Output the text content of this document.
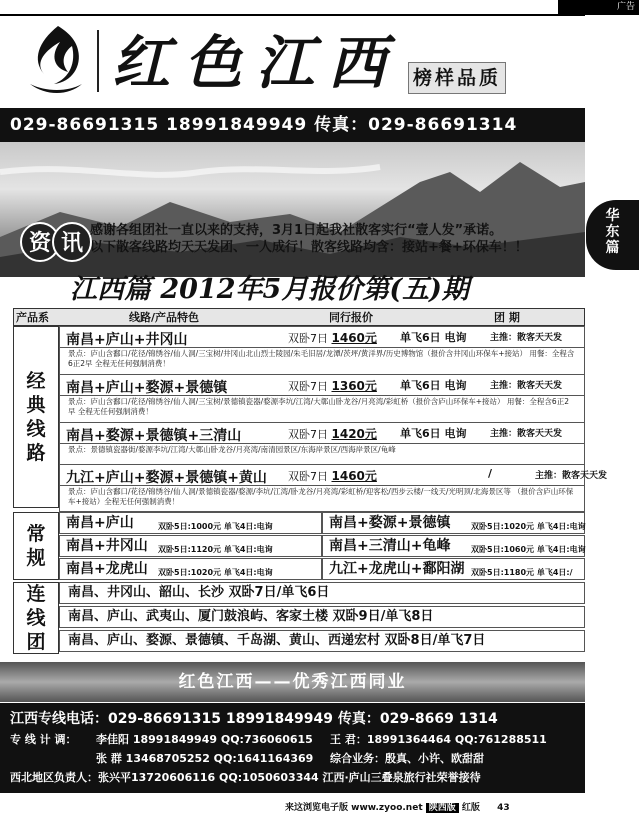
广告
红色江西 榜样品质
029-86691315 18991849949 传真：029-86691314
华东篇
资 讯
感谢各组团社一直以来的支持，3月1日起我社散客实行“壹人发”承诺。
以下散客线路均天天发团、一人成行！散客线路均含：接站+餐+环保车！！
江西篇 2012年5月报价第(五)期
产品系	线路/产品特色	同行报价	团 期
经典线路
南昌+庐山+井冈山	双卧7日 1460元 单飞6日 电询	主推：散客天天发
景点：庐山含鄱口/花径/锦绣谷/仙人洞/三宝树/井冈山北山烈士陵园/朱毛旧居/龙潭/茨坪/黄洋界/历史博物馆（报价含井冈山环保车+接站） 用餐：全程含6正2早 全程无任何强制消费！
南昌+庐山+婺源+景德镇	双卧7日 1360元 单飞6日 电询	主推：散客天天发
景点：庐山含鄱口/花径/锦绣谷/仙人洞/三宝树/景德镇瓷器/婺源李坑/江湾/大鄣山卧龙谷/月亮湾/彩虹桥（报价含庐山环保车+接站） 用餐：全程含6正2早 全程无任何强制消费！
南昌+婺源+景德镇+三清山	双卧7日 1420元 单飞6日 电询	主推：散客天天发
景点：景德镇瓷器街/婺源李坑/江湾/大鄣山卧龙谷/月亮湾/南清园景区/东海岸景区/西海岸景区/龟峰
九江+庐山+婺源+景德镇+黄山 双卧7日 1460元	/	主推：散客天天发
景点：庐山含鄱口/花径/锦绣谷/仙人洞/景德镇瓷器/婺源/李坑/江湾/卧龙谷/月亮湾/彩虹桥/迎客松/西步云楼/一线天/光明顶/北海景区等 （报价含庐山环保车+接站）全程无任何强制消费！
常规
南昌+庐山	双卧5日:1000元 单飞4日:电询	南昌+婺源+景德镇	双卧5日:1020元 单飞4日:电询
南昌+井冈山 双卧5日:1120元 单飞4日:电询	南昌+三清山+龟峰	双卧5日:1060元 单飞4日:电询
南昌+龙虎山 双卧5日:1020元 单飞4日:电询	九江+龙虎山+鄱阳湖 双卧5日:1180元 单飞4日:/
连线团
南昌、井冈山、韶山、长沙 双卧7日/单飞6日
南昌、庐山、武夷山、厦门鼓浪屿、客家土楼 双卧9日/单飞8日
南昌、庐山、婺源、景德镇、千岛湖、黄山、西递宏村 双卧8日/单飞7日
红色江西——优秀江西同业
江西专线电话：029-86691315 18991849949 传真：029-8669 1314
专 线 计 调： 李佳阳 18991849949 QQ:736060615 王 君：18991364464 QQ:761288511
张 群 13468705252 QQ:1641164369 综合业务：殷真、小许、欧甜甜
西北地区负责人：张兴平13720606116 QQ:1050603344 江西·庐山三叠泉旅行社荣誉接待
来这浏览电子版 www.zyoo.net 陕西版 红版 43
